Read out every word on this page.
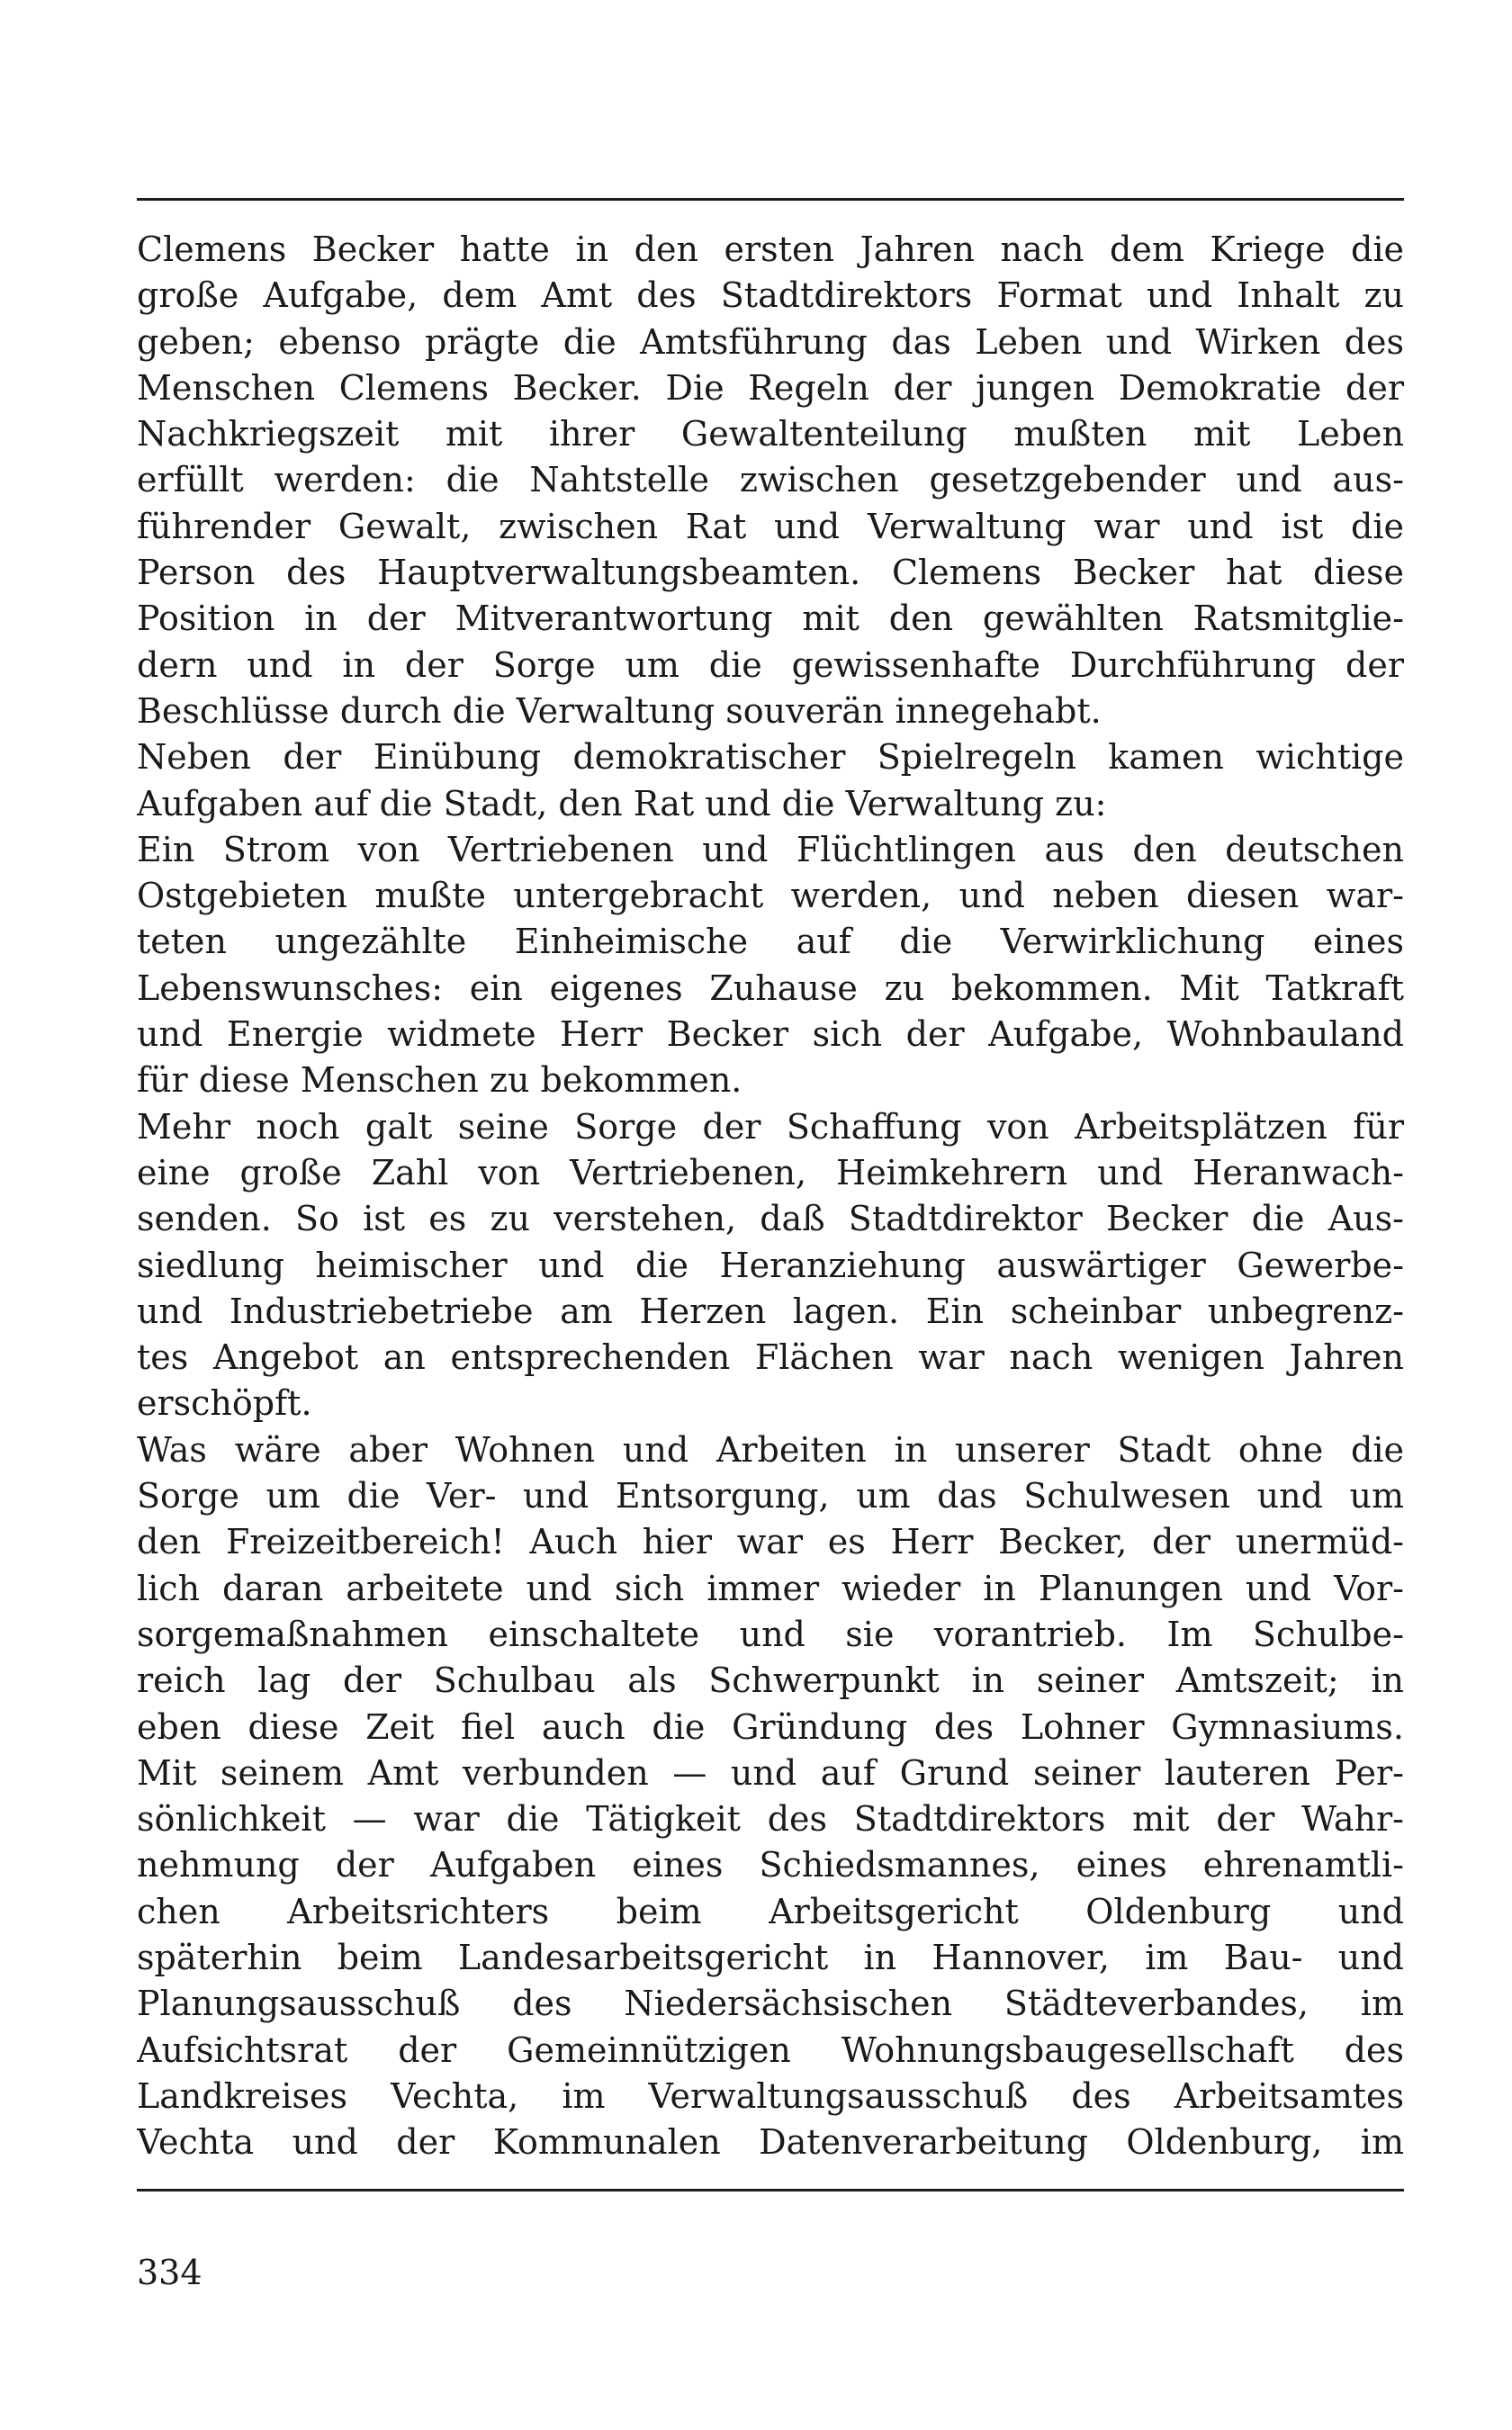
Clemens Becker hatte in den ersten Jahren nach dem Kriege die
große Aufgabe, dem Amt des Stadtdirektors Format und Inhalt zu
geben; ebenso prägte die Amtsführung das Leben und Wirken des
Menschen Clemens Becker. Die Regeln der jungen Demokratie der
Nachkriegszeit mit ihrer Gewaltenteilung mußten mit Leben
erfüllt werden: die Nahtstelle zwischen gesetzgebender und aus-
führender Gewalt, zwischen Rat und Verwaltung war und ist die
Person des Hauptverwaltungsbeamten. Clemens Becker hat diese
Position in der Mitverantwortung mit den gewählten Ratsmitglie-
dern und in der Sorge um die gewissenhafte Durchführung der
Beschlüsse durch die Verwaltung souverän innegehabt.
Neben der Einübung demokratischer Spielregeln kamen wichtige
Aufgaben auf die Stadt, den Rat und die Verwaltung zu:
Ein Strom von Vertriebenen und Flüchtlingen aus den deutschen
Ostgebieten mußte untergebracht werden, und neben diesen war-
teten ungezählte Einheimische auf die Verwirklichung eines
Lebenswunsches: ein eigenes Zuhause zu bekommen. Mit Tatkraft
und Energie widmete Herr Becker sich der Aufgabe, Wohnbauland
für diese Menschen zu bekommen.
Mehr noch galt seine Sorge der Schaffung von Arbeitsplätzen für
eine große Zahl von Vertriebenen, Heimkehrern und Heranwach-
senden. So ist es zu verstehen, daß Stadtdirektor Becker die Aus-
siedlung heimischer und die Heranziehung auswärtiger Gewerbe-
und Industriebetriebe am Herzen lagen. Ein scheinbar unbegrenz-
tes Angebot an entsprechenden Flächen war nach wenigen Jahren
erschöpft.
Was wäre aber Wohnen und Arbeiten in unserer Stadt ohne die
Sorge um die Ver- und Entsorgung, um das Schulwesen und um
den Freizeitbereich! Auch hier war es Herr Becker, der unermüd-
lich daran arbeitete und sich immer wieder in Planungen und Vor-
sorgemaßnahmen einschaltete und sie vorantrieb. Im Schulbe-
reich lag der Schulbau als Schwerpunkt in seiner Amtszeit; in
eben diese Zeit fiel auch die Gründung des Lohner Gymnasiums.
Mit seinem Amt verbunden — und auf Grund seiner lauteren Per-
sönlichkeit — war die Tätigkeit des Stadtdirektors mit der Wahr-
nehmung der Aufgaben eines Schiedsmannes, eines ehrenamtli-
chen Arbeitsrichters beim Arbeitsgericht Oldenburg und
späterhin beim Landesarbeitsgericht in Hannover, im Bau- und
Planungsausschuß des Niedersächsischen Städteverbandes, im
Aufsichtsrat der Gemeinnützigen Wohnungsbaugesellschaft des
Landkreises Vechta, im Verwaltungsausschuß des Arbeitsamtes
Vechta und der Kommunalen Datenverarbeitung Oldenburg, im
334
